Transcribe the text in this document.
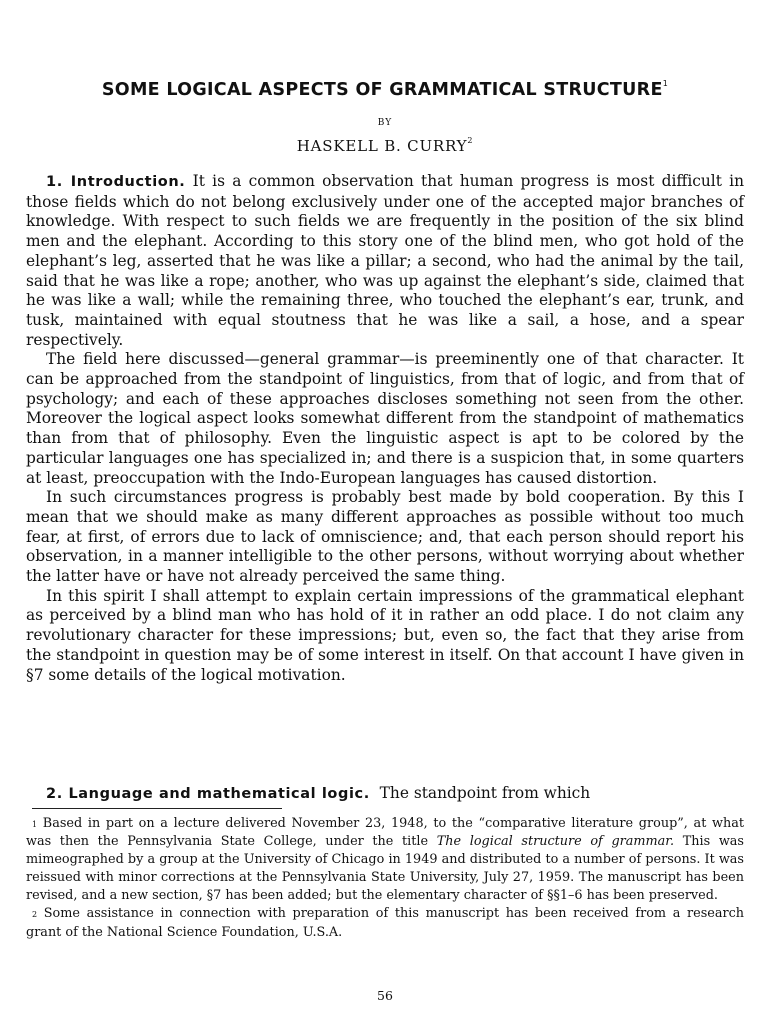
SOME LOGICAL ASPECTS OF GRAMMATICAL STRUCTURE$^1$
BY
HASKELL B. CURRY$^2$

1. Introduction. It is a common observation that human progress is most difficult in those fields which do not belong exclusively under one of the accepted major branches of knowledge. With respect to such fields we are frequently in the position of the six blind men and the elephant. According to this story one of the blind men, who got hold of the elephant’s leg, asserted that he was like a pillar; a second, who had the animal by the tail, said that he was like a rope; another, who was up against the elephant’s side, claimed that he was like a wall; while the remaining three, who touched the elephant’s ear, trunk, and tusk, maintained with equal stoutness that he was like a sail, a hose, and a spear respectively.

The field here discussed—general grammar—is preeminently one of that character. It can be approached from the standpoint of linguistics, from that of logic, and from that of psychology; and each of these approaches discloses something not seen from the other. Moreover the logical aspect looks somewhat different from the standpoint of mathematics than from that of philosophy. Even the linguistic aspect is apt to be colored by the particular languages one has specialized in; and there is a suspicion that, in some quarters at least, preoccupation with the Indo-European languages has caused distortion.

In such circumstances progress is probably best made by bold cooperation. By this I mean that we should make as many different approaches as possible without too much fear, at first, of errors due to lack of omniscience; and, that each person should report his observation, in a manner intelligible to the other persons, without worrying about whether the latter have or have not already perceived the same thing.

In this spirit I shall attempt to explain certain impressions of the grammatical elephant as perceived by a blind man who has hold of it in rather an odd place. I do not claim any revolutionary character for these impressions; but, even so, the fact that they arise from the standpoint in question may be of some interest in itself. On that account I have given in §7 some details of the logical motivation.

2. Language and mathematical logic. The standpoint from which

$^1$ Based in part on a lecture delivered November 23, 1948, to the “comparative literature group”, at what was then the Pennsylvania State College, under the title The logical structure of grammar. This was mimeographed by a group at the University of Chicago in 1949 and distributed to a number of persons. It was reissued with minor corrections at the Pennsylvania State University, July 27, 1959. The manuscript has been revised, and a new section, §7 has been added; but the elementary character of §§1–6 has been preserved.

$^2$ Some assistance in connection with preparation of this manuscript has been received from a research grant of the National Science Foundation, U.S.A.

56
